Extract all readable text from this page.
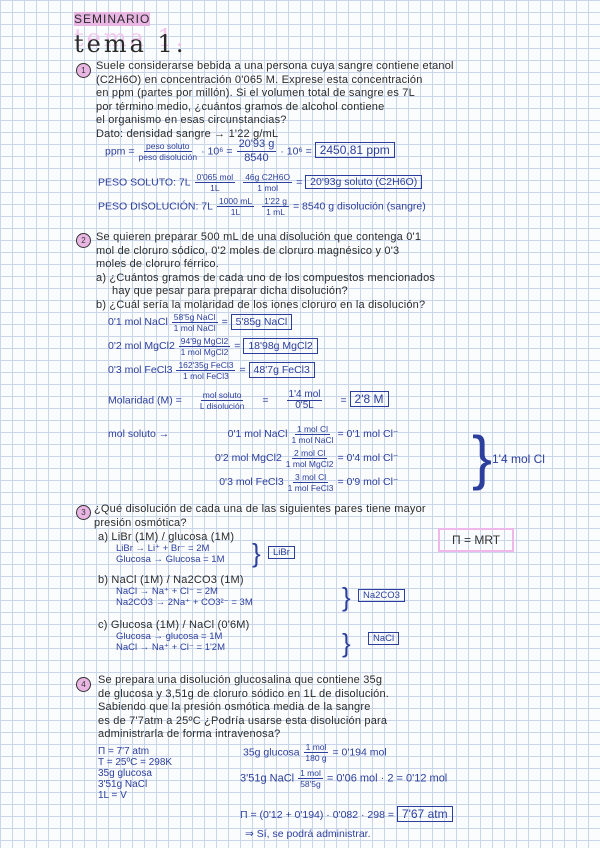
SEMINARIO
tema 1.
1 Suele considerarse bebida a una persona cuya sangre contiene etanol
(C2H6O) en concentración 0'065 M. Exprese esta concentración
en ppm (partes por millón). Si el volumen total de sangre es 7L
por término medio, ¿cuántos gramos de alcohol contiene
el organismo en esas circunstancias?
Dato: densidad sangre → 1'22 g/mL
ppm = $\frac{\text{peso soluto}}{\text{peso disolución}} \cdot 10^6 = \frac{20'93 g}{8540} \cdot 10^6 = 2450,81$ ppm
PESO SOLUTO: $7L \frac{\text{0'065 mol}}{1L} \frac{\text{46g C2H6O}}{\text{1 mol}} = 20'93g$ soluto (C2H6O)
PESO DISOLUCIÓN: $7L \frac{1000 mL}{1L} \frac{1'22 g}{1 mL} = 8540$ g disolución (sangre)
2 Se quieren preparar 500 mL de una disolución que contenga 0'1
mol de cloruro sódico, 0'2 moles de cloruro magnésico y 0'3
moles de cloruro férrico.
a) ¿Cuántos gramos de cada uno de los compuestos mencionados
hay que pesar para preparar dicha disolución?
b) ¿Cuál sería la molaridad de los iones cloruro en la disolución?
0'1 mol NaCl $\frac{\text{58'5g NaCl}}{\text{1 mol NaCl}} = 5'85g$ NaCl
0'2 mol MgCl2 $\frac{\text{94'9g MgCl2}}{\text{1 mol MgCl2}} = 18'98g$ MgCl2
0'3 mol FeCl3 $\frac{\text{162'35g FeCl3}}{\text{1 mol FeCl3}} = 48'7g$ FeCl3
Molaridad $(M) = \frac{\text{mol soluto}}{\text{L disolución}} = \frac{\text{1'4 mol}}{0'5L} = 2'8$ M
mol soluto →	0'1 mol NaCl $\frac{\text{1 mol Cl}}{\text{1 mol NaCl}} = 0'1$ mol Cl⁻
0'2 mol MgCl2 $\frac{\text{2 mol Cl}}{\text{1 mol MgCl2}} = 0'4$ mol Cl⁻
0'3 mol FeCl3 $\frac{\text{3 mol Cl}}{\text{1 mol FeCl3}} = 0'9$ mol Cl⁻ } 1'4 mol Cl
3 ¿Qué disolución de cada una de las siguientes pares tiene mayor
presión osmótica?
Π = MRT
a) LiBr (1M) / glucosa (1M)
LiBr → Li⁺ + Br⁻ = 2M
Glucosa → Glucosa = 1M	}	LiBr
b) NaCl (1M) / Na2CO3 (1M)
NaCl → Na⁺ + Cl⁻ = 2M
Na2CO3 → 2Na⁺ + CO3²⁻ = 3M	}	Na2CO3
c) Glucosa (1M) / NaCl (0'6M)
Glucosa → glucosa = 1M
NaCl → Na⁺ + Cl⁻ = 1'2M	}	NaCl
4	Se prepara una disolución glucosalina que contiene 35g
de glucosa y 3,51g de cloruro sódico en 1L de disolución.
Sabiendo que la presión osmótica media de la sangre
es de 7'7atm a 25ºC ¿Podría usarse esta disolución para
administrarla de forma intravenosa?
Π = 7'7 atm
T = 25ºC = 298K
35g glucosa
3'51g NaCl
1L = V
35g glucosa $\frac{\text{1 mol}}{180 g} = 0'194$ mol
3'51g NaCl $\frac{\text{1 mol}}{58'5g} = 0'06$ mol · 2 = 0'12 mol
Π = (0'12 + 0'194) · 0'082 · 298 = 7'67 atm
⇒ Sí, se podrá administrar.
